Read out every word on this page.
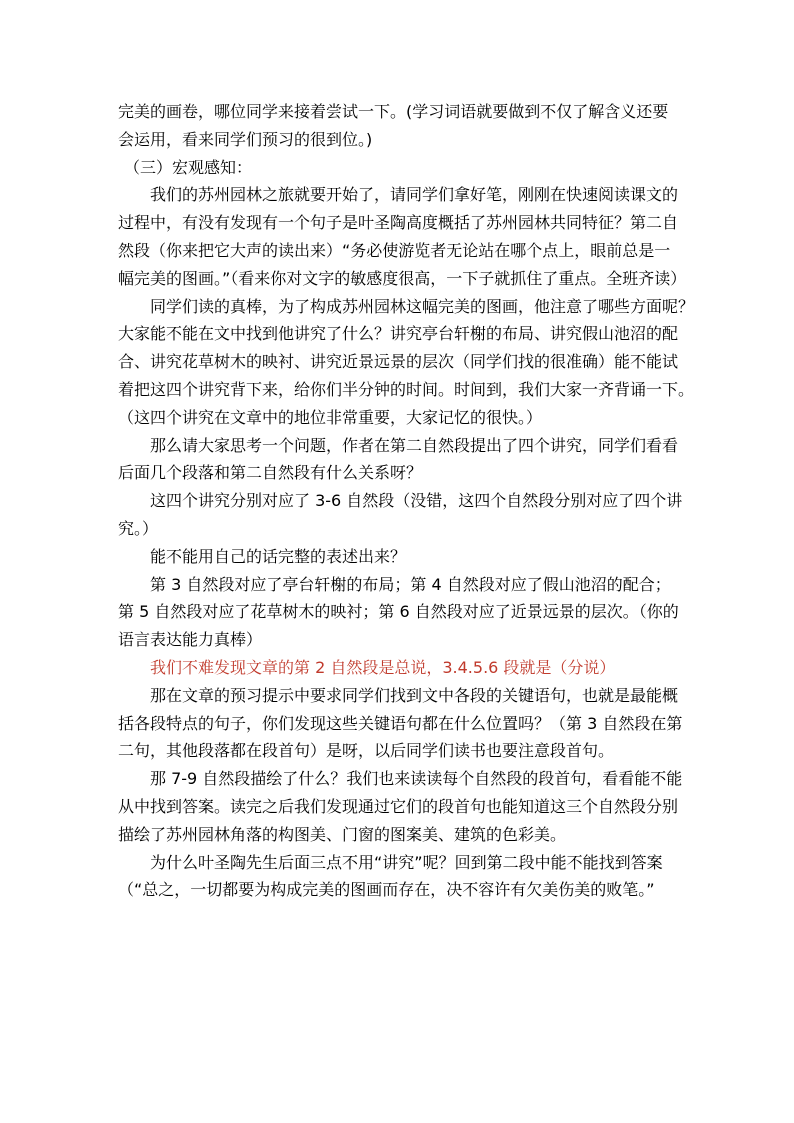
完美的画卷，哪位同学来接着尝试一下。(学习词语就要做到不仅了解含义还要
会运用，看来同学们预习的很到位。)
（三）宏观感知：
我们的苏州园林之旅就要开始了，请同学们拿好笔，刚刚在快速阅读课文的
过程中，有没有发现有一个句子是叶圣陶高度概括了苏州园林共同特征？第二自
然段（你来把它大声的读出来）“务必使游览者无论站在哪个点上，眼前总是一
幅完美的图画。”（看来你对文字的敏感度很高，一下子就抓住了重点。全班齐读）
同学们读的真棒，为了构成苏州园林这幅完美的图画，他注意了哪些方面呢？
大家能不能在文中找到他讲究了什么？讲究亭台轩榭的布局、讲究假山池沼的配
合、讲究花草树木的映衬、讲究近景远景的层次（同学们找的很准确）能不能试
着把这四个讲究背下来，给你们半分钟的时间。时间到，我们大家一齐背诵一下。
（这四个讲究在文章中的地位非常重要，大家记忆的很快。）
那么请大家思考一个问题，作者在第二自然段提出了四个讲究，同学们看看
后面几个段落和第二自然段有什么关系呀？
这四个讲究分别对应了 3-6 自然段（没错，这四个自然段分别对应了四个讲
究。）
能不能用自己的话完整的表述出来？
第 3 自然段对应了亭台轩榭的布局；第 4 自然段对应了假山池沼的配合；
第 5 自然段对应了花草树木的映衬；第 6 自然段对应了近景远景的层次。（你的
语言表达能力真棒）
我们不难发现文章的第 2 自然段是总说，3.4.5.6 段就是（分说）
那在文章的预习提示中要求同学们找到文中各段的关键语句，也就是最能概
括各段特点的句子，你们发现这些关键语句都在什么位置吗？（第 3 自然段在第
二句，其他段落都在段首句）是呀，以后同学们读书也要注意段首句。
那 7-9 自然段描绘了什么？我们也来读读每个自然段的段首句，看看能不能
从中找到答案。读完之后我们发现通过它们的段首句也能知道这三个自然段分别
描绘了苏州园林角落的构图美、门窗的图案美、建筑的色彩美。
为什么叶圣陶先生后面三点不用“讲究”呢？回到第二段中能不能找到答案
（“总之，一切都要为构成完美的图画而存在，决不容许有欠美伤美的败笔。”
